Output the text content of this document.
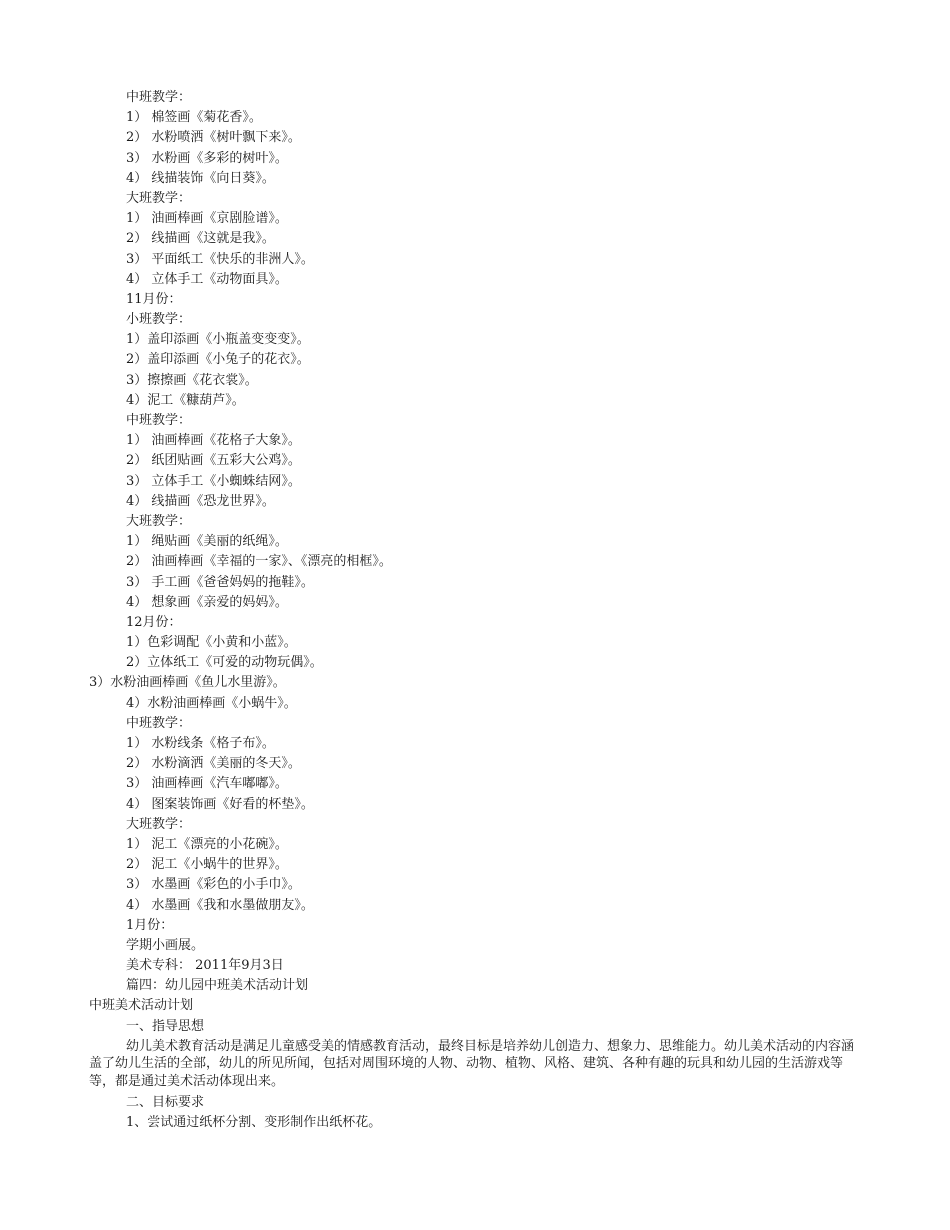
中班教学：
1） 棉签画《菊花香》。
2） 水粉喷洒《树叶飘下来》。
3） 水粉画《多彩的树叶》。
4） 线描装饰《向日葵》。
大班教学：
1） 油画棒画《京剧脸谱》。
2） 线描画《这就是我》。
3） 平面纸工《快乐的非洲人》。
4） 立体手工《动物面具》。
11月份：
小班教学：
1）盖印添画《小瓶盖变变变》。
2）盖印添画《小兔子的花衣》。
3）擦擦画《花衣裳》。
4）泥工《糠葫芦》。
中班教学：
1） 油画棒画《花格子大象》。
2） 纸团贴画《五彩大公鸡》。
3） 立体手工《小蜘蛛结网》。
4） 线描画《恐龙世界》。
大班教学：
1） 绳贴画《美丽的纸绳》。
2） 油画棒画《幸福的一家》、《漂亮的相框》。
3） 手工画《爸爸妈妈的拖鞋》。
4） 想象画《亲爱的妈妈》。
12月份：
1）色彩调配《小黄和小蓝》。
2）立体纸工《可爱的动物玩偶》。
3）水粉油画棒画《鱼儿水里游》。
4）水粉油画棒画《小蜗牛》。
中班教学：
1） 水粉线条《格子布》。
2） 水粉滴洒《美丽的冬天》。
3） 油画棒画《汽车嘟嘟》。
4） 图案装饰画《好看的杯垫》。
大班教学：
1） 泥工《漂亮的小花碗》。
2） 泥工《小蜗牛的世界》。
3） 水墨画《彩色的小手巾》。
4） 水墨画《我和水墨做朋友》。
1月份：
学期小画展。
美术专科： 2011年9月3日
篇四：幼儿园中班美术活动计划
中班美术活动计划
一、指导思想
幼儿美术教育活动是满足儿童感受美的情感教育活动，最终目标是培养幼儿创造力、想象力、思维能力。幼儿美术活动的内容涵盖了幼儿生活的全部，幼儿的所见所闻，包括对周围环境的人物、动物、植物、风格、建筑、各种有趣的玩具和幼儿园的生活游戏等等，都是通过美术活动体现出来。
二、目标要求
1、尝试通过纸杯分割、变形制作出纸杯花。
